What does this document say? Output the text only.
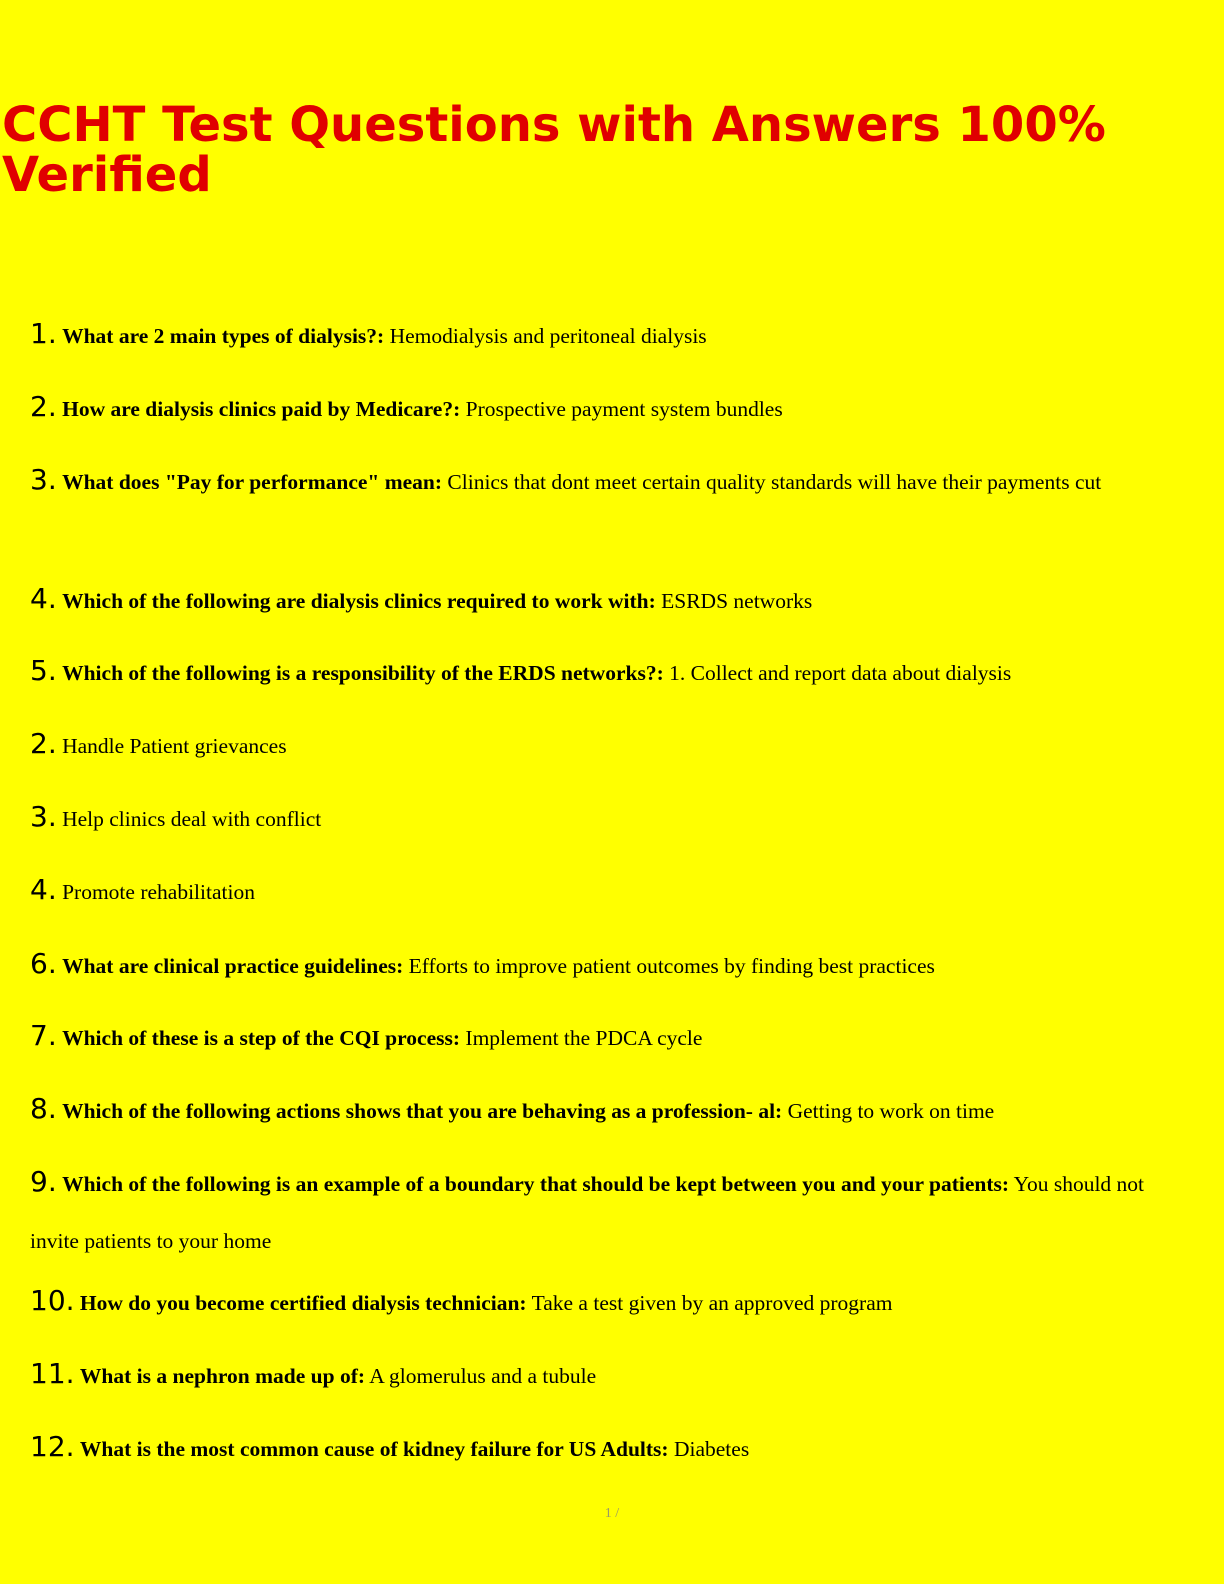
CCHT Test Questions with Answers 100% Verified
1. What are 2 main types of dialysis?: Hemodialysis and peritoneal dialysis
2. How are dialysis clinics paid by Medicare?: Prospective payment system bundles
3. What does "Pay for performance" mean: Clinics that dont meet certain quality standards will have their payments cut
4. Which of the following are dialysis clinics required to work with: ESRDS networks
5. Which of the following is a responsibility of the ERDS networks?: 1. Collect and report data about dialysis
2. Handle Patient grievances
3. Help clinics deal with conflict
4. Promote rehabilitation
6. What are clinical practice guidelines: Efforts to improve patient outcomes by finding best practices
7. Which of these is a step of the CQI process: Implement the PDCA cycle
8. Which of the following actions shows that you are behaving as a profession- al: Getting to work on time
9. Which of the following is an example of a boundary that should be kept between you and your patients: You should not invite patients to your home
10. How do you become certified dialysis technician: Take a test given by an approved program
11. What is a nephron made up of: A glomerulus and a tubule
12. What is the most common cause of kidney failure for US Adults: Diabetes
1 /
